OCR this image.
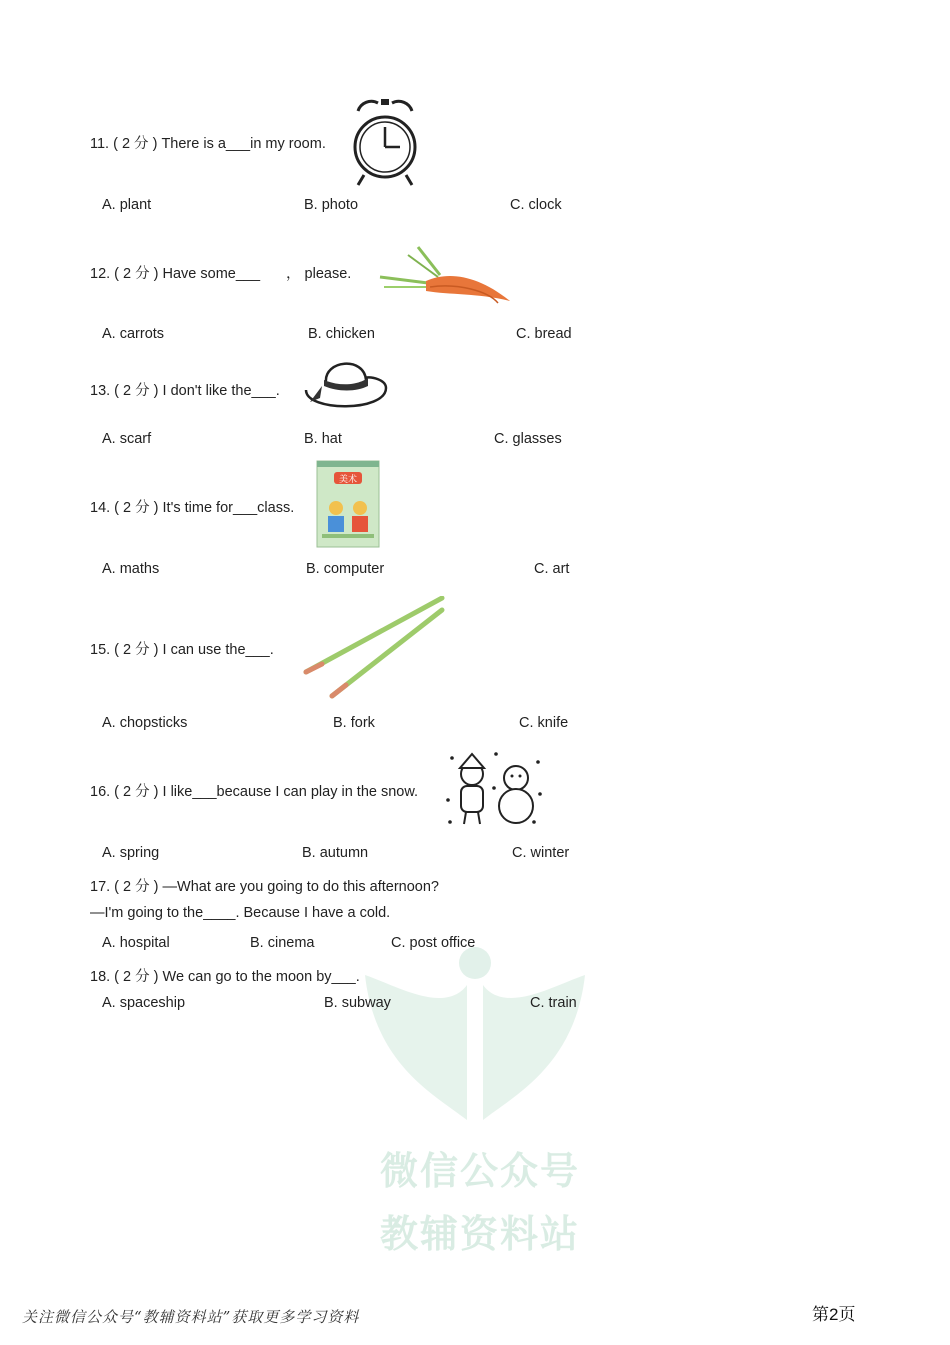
微信公众号
教辅资料站
11. ( 2 分 ) There is a___in my room.
A. plant	B. photo	C. clock
12. ( 2 分 ) Have some___ ， please.
A. carrots	B. chicken	C. bread
13. ( 2 分 ) I don't like the___.
A. scarf	B. hat	C. glasses
14. ( 2 分 ) It's time for___class.
美术
A. maths	B. computer	C. art
15. ( 2 分 ) I can use the___.
A. chopsticks	B. fork	C. knife
16. ( 2 分 ) I like___because I can play in the snow.
A. spring	B. autumn	C. winter
17. ( 2 分 ) —What are you going to do this afternoon?
—I'm going to the____. Because I have a cold.
A. hospital	B. cinema	C. post office
18. ( 2 分 ) We can go to the moon by___.
A. spaceship	B. subway	C. train
关注微信公众号“教辅资料站”获取更多学习资料	第2页
